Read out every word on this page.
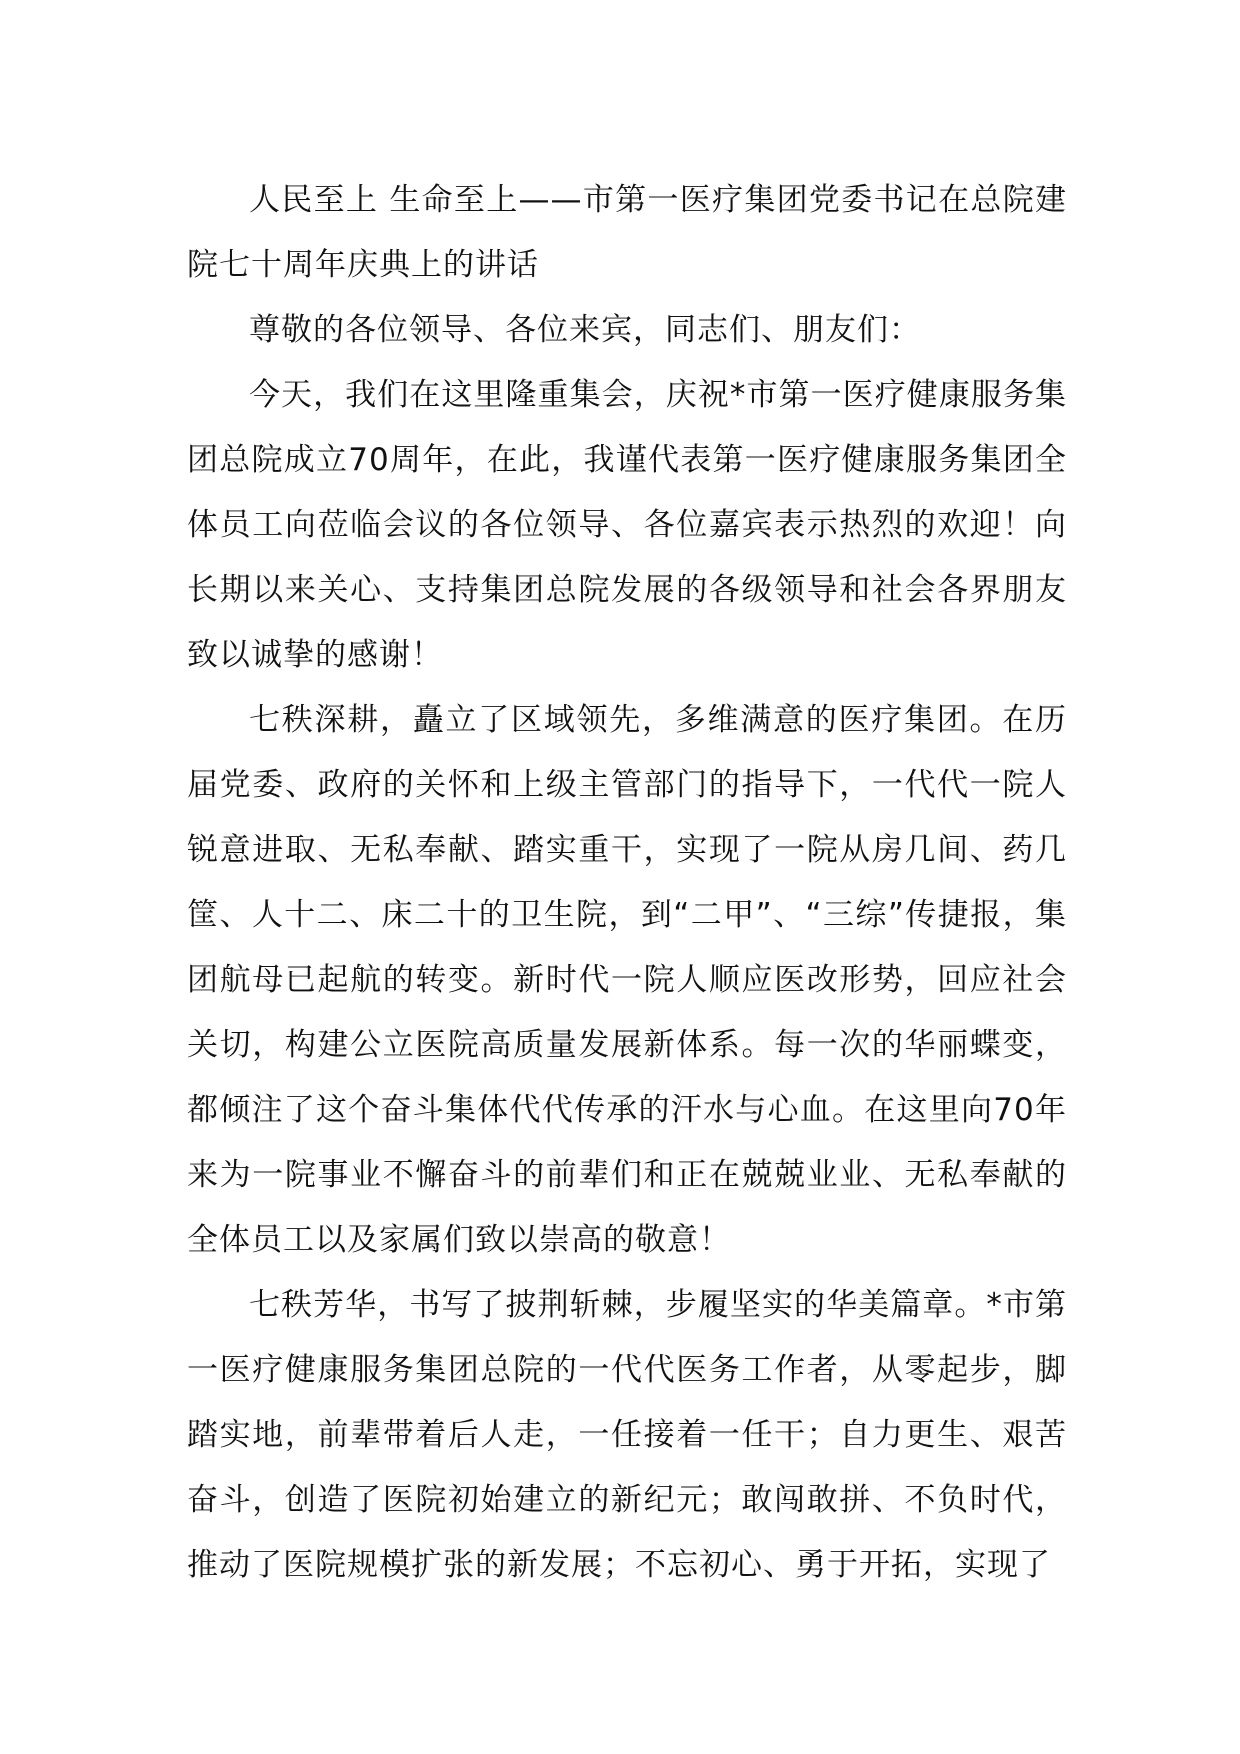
人民至上 生命至上——市第一医疗集团党委书记在总院建院七十周年庆典上的讲话

尊敬的各位领导、各位来宾，同志们、朋友们：

今天，我们在这里隆重集会，庆祝*市第一医疗健康服务集团总院成立70周年，在此，我谨代表第一医疗健康服务集团全体员工向莅临会议的各位领导、各位嘉宾表示热烈的欢迎！向长期以来关心、支持集团总院发展的各级领导和社会各界朋友致以诚挚的感谢！

七秩深耕，矗立了区域领先，多维满意的医疗集团。在历届党委、政府的关怀和上级主管部门的指导下，一代代一院人锐意进取、无私奉献、踏实重干，实现了一院从房几间、药几筐、人十二、床二十的卫生院，到“二甲”、“三综”传捷报，集团航母已起航的转变。新时代一院人顺应医改形势，回应社会关切，构建公立医院高质量发展新体系。每一次的华丽蝶变，都倾注了这个奋斗集体代代传承的汗水与心血。在这里向70年来为一院事业不懈奋斗的前辈们和正在兢兢业业、无私奉献的全体员工以及家属们致以崇高的敬意！

七秩芳华，书写了披荆斩棘，步履坚实的华美篇章。*市第一医疗健康服务集团总院的一代代医务工作者，从零起步，脚踏实地，前辈带着后人走，一任接着一任干；自力更生、艰苦奋斗，创造了医院初始建立的新纪元；敢闯敢拼、不负时代，推动了医院规模扩张的新发展；不忘初心、勇于开拓，实现了
